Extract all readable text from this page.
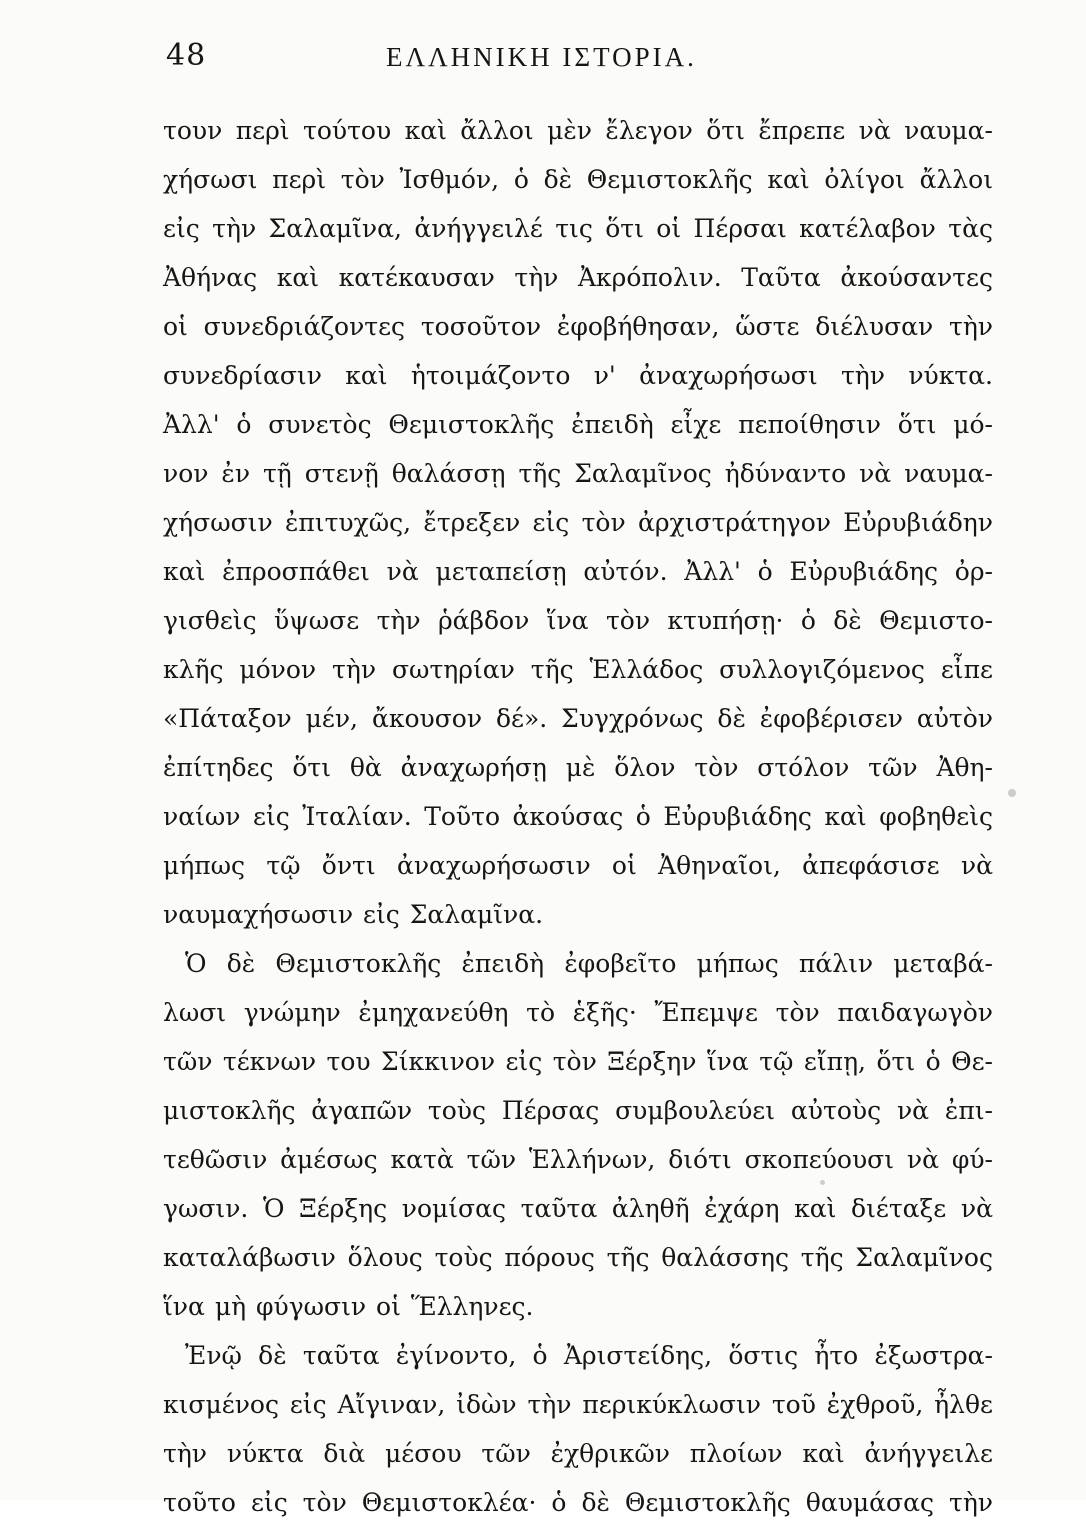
48	ΕΛΛΗΝΙΚΗ ΙΣΤΟΡΙΑ.
τουν περὶ τούτου καὶ ἄλλοι μὲν ἔλεγον ὅτι ἔπρεπε νὰ ναυμα-
χήσωσι περὶ τὸν Ἰσθμόν, ὁ δὲ Θεμιστοκλῆς καὶ ὀλίγοι ἄλλοι
εἰς τὴν Σαλαμῖνα, ἀνήγγειλέ τις ὅτι οἱ Πέρσαι κατέλαβον τὰς
Ἀθήνας καὶ κατέκαυσαν τὴν Ἀκρόπολιν. Ταῦτα ἀκούσαντες
οἱ συνεδριάζοντες τοσοῦτον ἐφοβήθησαν, ὥστε διέλυσαν τὴν
συνεδρίασιν καὶ ἡτοιμάζοντο ν' ἀναχωρήσωσι τὴν νύκτα.
Ἀλλ' ὁ συνετὸς Θεμιστοκλῆς ἐπειδὴ εἶχε πεποίθησιν ὅτι μό-
νον ἐν τῇ στενῇ θαλάσσῃ τῆς Σαλαμῖνος ἠδύναντο νὰ ναυμα-
χήσωσιν ἐπιτυχῶς, ἔτρεξεν εἰς τὸν ἀρχιστράτηγον Εὐρυβιάδην
καὶ ἐπροσπάθει νὰ μεταπείσῃ αὐτόν. Ἀλλ' ὁ Εὐρυβιάδης ὀρ-
γισθεὶς ὕψωσε τὴν ῥάβδον ἵνα τὸν κτυπήσῃ· ὁ δὲ Θεμιστο-
κλῆς μόνον τὴν σωτηρίαν τῆς Ἑλλάδος συλλογιζόμενος εἶπε
«Πάταξον μέν, ἄκουσον δέ». Συγχρόνως δὲ ἐφοβέρισεν αὐτὸν
ἐπίτηδες ὅτι θὰ ἀναχωρήσῃ μὲ ὅλον τὸν στόλον τῶν Ἀθη-
ναίων εἰς Ἰταλίαν. Τοῦτο ἀκούσας ὁ Εὐρυβιάδης καὶ φοβηθεὶς
μήπως τῷ ὄντι ἀναχωρήσωσιν οἱ Ἀθηναῖοι, ἀπεφάσισε νὰ
ναυμαχήσωσιν εἰς Σαλαμῖνα.
Ὁ δὲ Θεμιστοκλῆς ἐπειδὴ ἐφοβεῖτο μήπως πάλιν μεταβά-
λωσι γνώμην ἐμηχανεύθη τὸ ἑξῆς· Ἔπεμψε τὸν παιδαγωγὸν
τῶν τέκνων του Σίκκινον εἰς τὸν Ξέρξην ἵνα τῷ εἴπῃ, ὅτι ὁ Θε-
μιστοκλῆς ἀγαπῶν τοὺς Πέρσας συμβουλεύει αὐτοὺς νὰ ἐπι-
τεθῶσιν ἀμέσως κατὰ τῶν Ἑλλήνων, διότι σκοπεύουσι νὰ φύ-
γωσιν. Ὁ Ξέρξης νομίσας ταῦτα ἀληθῆ ἐχάρη καὶ διέταξε νὰ
καταλάβωσιν ὅλους τοὺς πόρους τῆς θαλάσσης τῆς Σαλαμῖνος
ἵνα μὴ φύγωσιν οἱ Ἕλληνες.
Ἐνῷ δὲ ταῦτα ἐγίνοντο, ὁ Ἀριστείδης, ὅστις ἦτο ἐξωστρα-
κισμένος εἰς Αἴγιναν, ἰδὼν τὴν περικύκλωσιν τοῦ ἐχθροῦ, ἦλθε
τὴν νύκτα διὰ μέσου τῶν ἐχθρικῶν πλοίων καὶ ἀνήγγειλε
τοῦτο εἰς τὸν Θεμιστοκλέα· ὁ δὲ Θεμιστοκλῆς θαυμάσας τὴν
